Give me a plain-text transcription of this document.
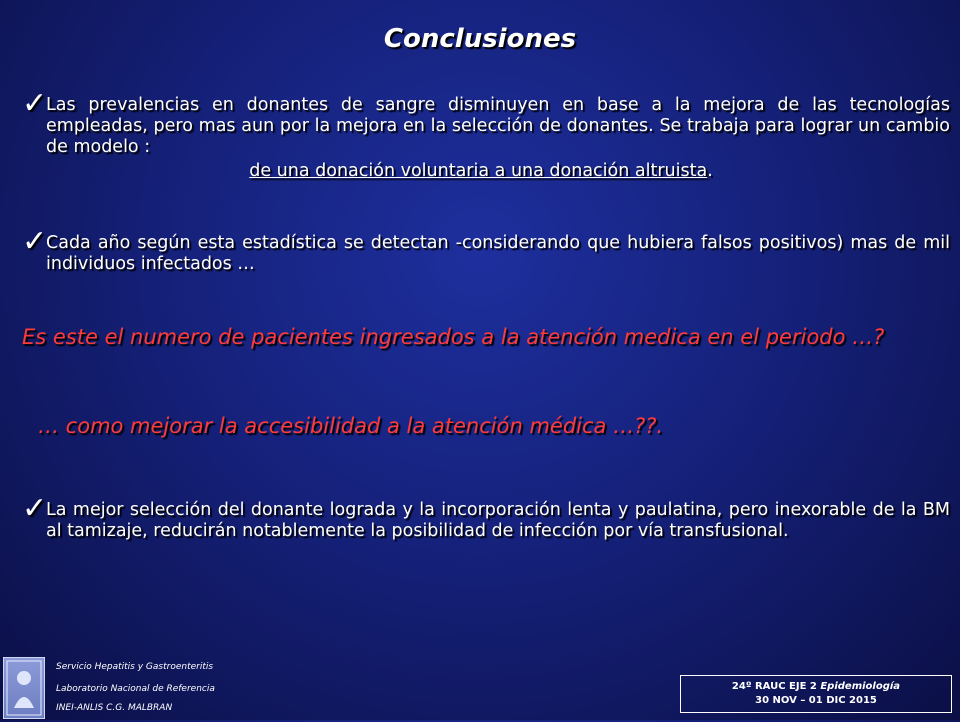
Conclusiones
✓
Las prevalencias en donantes de sangre disminuyen en base a la mejora de las tecnologías empleadas, pero mas aun por la mejora en la selección de donantes. Se trabaja para lograr un cambio de modelo :
de una donación voluntaria a una donación altruista.
✓
Cada año según esta estadística se detectan -considerando que hubiera falsos positivos) mas de mil individuos infectados …
Es este el numero de pacientes ingresados a la atención medica en el periodo …?
… como mejorar la accesibilidad a la atención médica …??.
✓
La mejor selección del donante lograda y la incorporación lenta y paulatina, pero inexorable de la BM al tamizaje, reducirán notablemente la posibilidad de infección por vía transfusional.
Servicio Hepatitis y Gastroenteritis
Laboratorio Nacional de Referencia
INEI-ANLIS C.G. MALBRAN
24º RAUC EJE 2 Epidemiología
30 NOV – 01 DIC 2015
